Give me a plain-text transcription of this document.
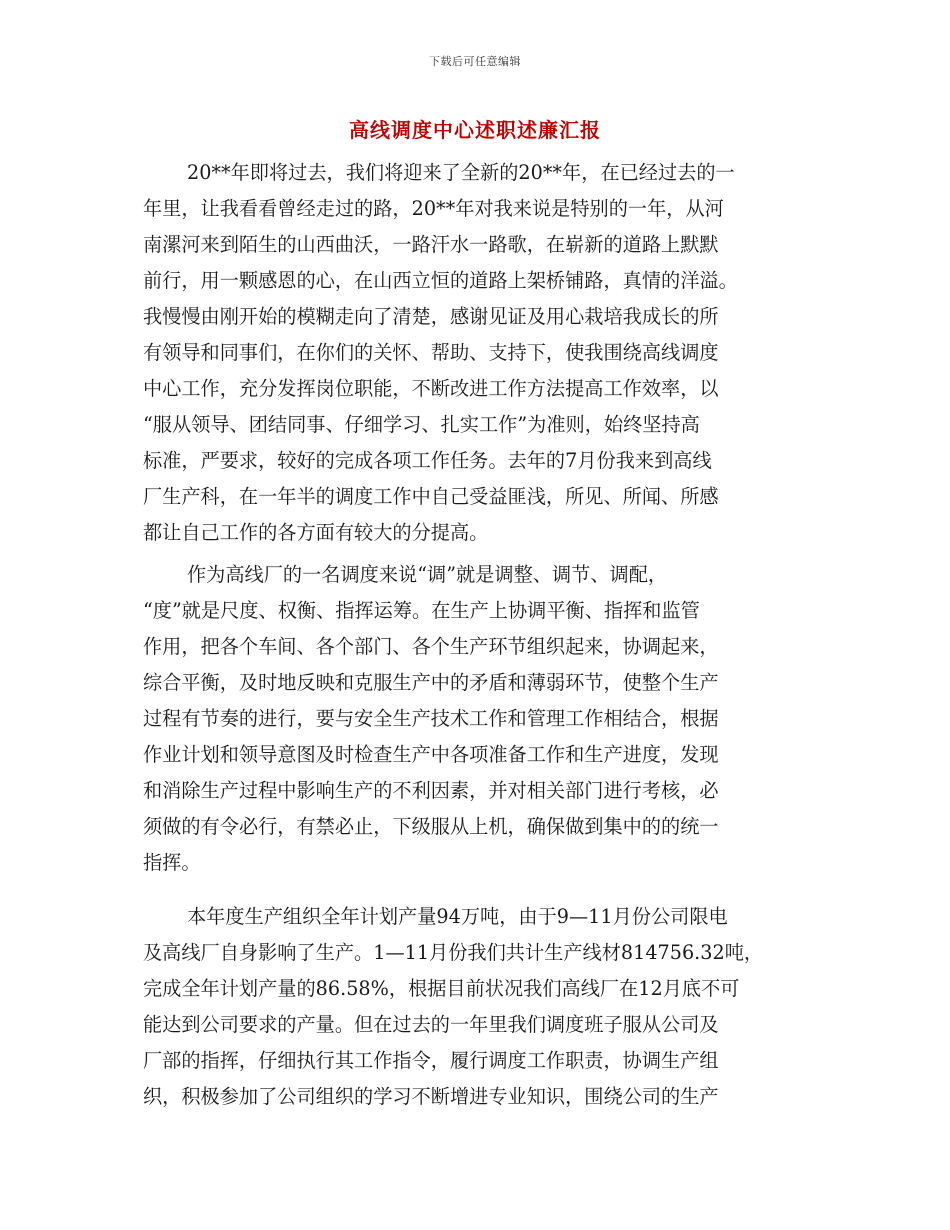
下载后可任意编辑
高线调度中心述职述廉汇报
20**年即将过去，我们将迎来了全新的20**年，在已经过去的一
年里，让我看看曾经走过的路，20**年对我来说是特别的一年，从河
南漯河来到陌生的山西曲沃，一路汗水一路歌，在崭新的道路上默默
前行，用一颗感恩的心，在山西立恒的道路上架桥铺路，真情的洋溢。
我慢慢由刚开始的模糊走向了清楚，感谢见证及用心栽培我成长的所
有领导和同事们，在你们的关怀、帮助、支持下，使我围绕高线调度
中心工作，充分发挥岗位职能，不断改进工作方法提高工作效率，以
“服从领导、团结同事、仔细学习、扎实工作”为准则，始终坚持高
标准，严要求，较好的完成各项工作任务。去年的7月份我来到高线
厂生产科，在一年半的调度工作中自己受益匪浅，所见、所闻、所感
都让自己工作的各方面有较大的分提高。
作为高线厂的一名调度来说“调”就是调整、调节、调配，
“度”就是尺度、权衡、指挥运筹。在生产上协调平衡、指挥和监管
作用，把各个车间、各个部门、各个生产环节组织起来，协调起来，
综合平衡，及时地反映和克服生产中的矛盾和薄弱环节，使整个生产
过程有节奏的进行，要与安全生产技术工作和管理工作相结合，根据
作业计划和领导意图及时检查生产中各项准备工作和生产进度，发现
和消除生产过程中影响生产的不利因素，并对相关部门进行考核，必
须做的有令必行，有禁必止，下级服从上机，确保做到集中的的统一
指挥。
本年度生产组织全年计划产量94万吨，由于9—11月份公司限电
及高线厂自身影响了生产。1—11月份我们共计生产线材814756.32吨，
完成全年计划产量的86.58%，根据目前状况我们高线厂在12月底不可
能达到公司要求的产量。但在过去的一年里我们调度班子服从公司及
厂部的指挥，仔细执行其工作指令，履行调度工作职责，协调生产组
织，积极参加了公司组织的学习不断增进专业知识，围绕公司的生产
